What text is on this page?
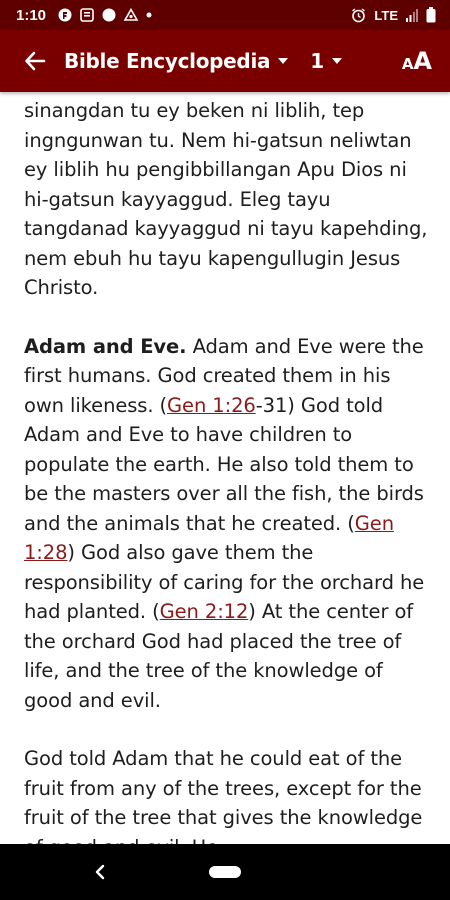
1:10	LTE
Bible Encyclopedia 1	A A

sinangdan tu ey beken ni liblih, tep ingngunwan tu. Nem hi-gatsun neliwtan ey liblih hu pengibbillangan Apu Dios ni hi-gatsun kayyaggud. Eleg tayu tangdanad kayyaggud ni tayu kapehding, nem ebuh hu tayu kapengullugin Jesus Christo.

Adam and Eve. Adam and Eve were the first humans. God created them in his own likeness. (Gen 1:26-31) God told Adam and Eve to have children to populate the earth. He also told them to be the masters over all the fish, the birds and the animals that he created. (Gen 1:28) God also gave them the responsibility of caring for the orchard he had planted. (Gen 2:12) At the center of the orchard God had placed the tree of life, and the tree of the knowledge of good and evil.

God told Adam that he could eat of the fruit from any of the trees, except for the fruit of the tree that gives the knowledge
